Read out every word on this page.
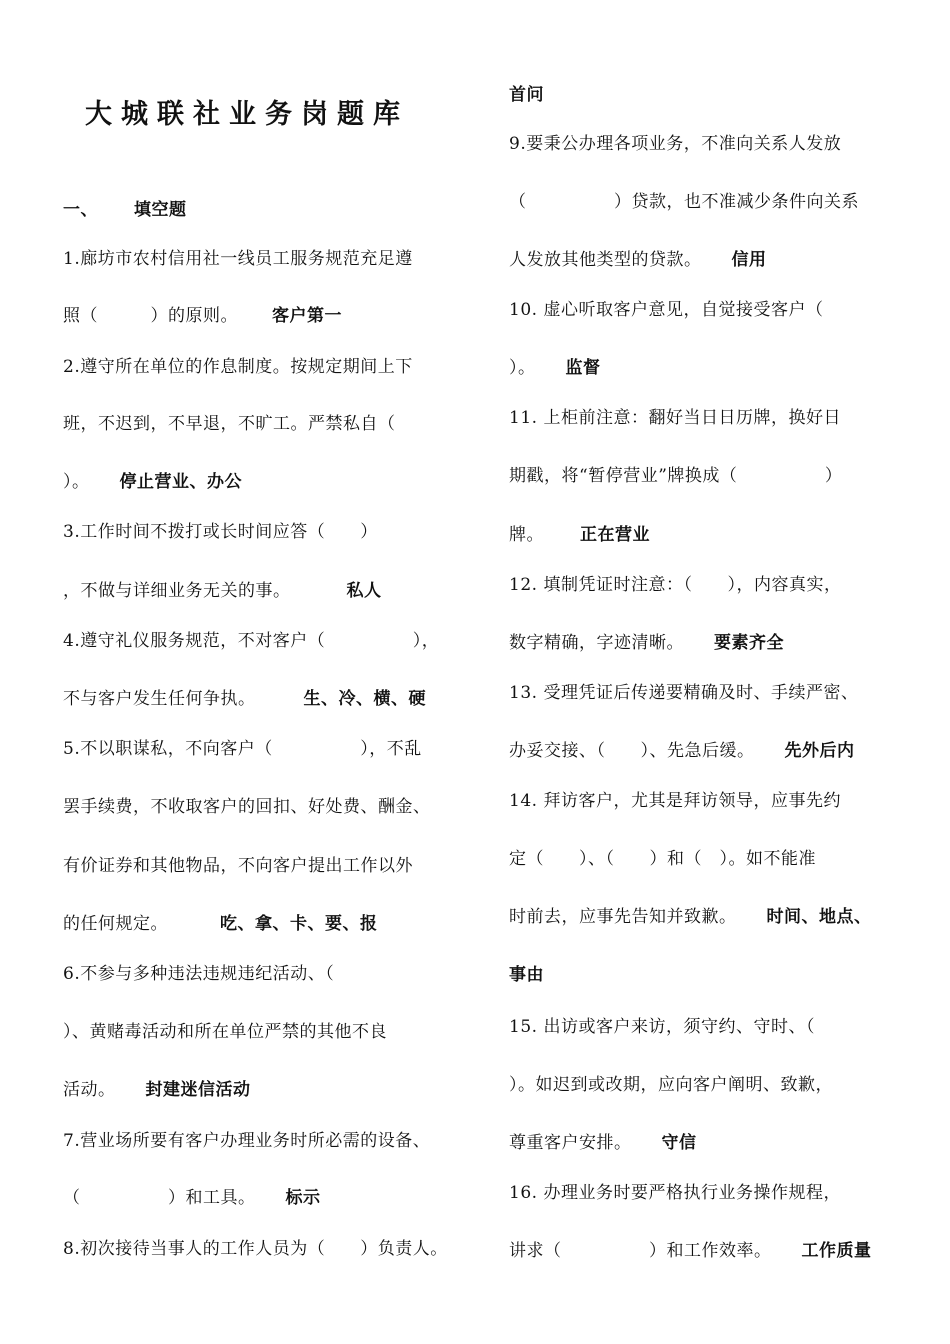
大城联社业务岗题库
一、 填空题
1.廊坊市农村信用社一线员工服务规范充足遵
照（　　　）的原则。 客户第一
2.遵守所在单位的作息制度。按规定期间上下
班，不迟到，不早退，不旷工。严禁私自（
）。 停止营业、办公
3.工作时间不拨打或长时间应答（　　）
，不做与详细业务无关的事。	私人
4.遵守礼仪服务规范，不对客户（　　　　　），
不与客户发生任何争执。	生、冷、横、硬
5.不以职谋私，不向客户（　　　　　），不乱
罢手续费，不收取客户的回扣、好处费、酬金、
有价证券和其他物品，不向客户提出工作以外
的任何规定。	吃、拿、卡、要、报
6.不参与多种违法违规违纪活动、（
）、黄赌毒活动和所在单位严禁的其他不良
活动。 封建迷信活动
7.营业场所要有客户办理业务时所必需的设备、
（　　　　　）和工具。 标示
8.初次接待当事人的工作人员为（　　）负责人。
首问
9.要秉公办理各项业务，不准向关系人发放
（　　　　　）贷款，也不准减少条件向关系
人发放其他类型的贷款。 信用
10. 虚心听取客户意见，自觉接受客户（
）。 监督
11. 上柜前注意：翻好当日日历牌，换好日
期戳，将“暂停营业”牌换成（　　　　　）
牌。 正在营业
12. 填制凭证时注意：（　　），内容真实，
数字精确，字迹清晰。 要素齐全
13. 受理凭证后传递要精确及时、手续严密、
办妥交接、（　　）、先急后缓。 先外后内
14. 拜访客户，尤其是拜访领导，应事先约
定（　　）、（　　）和（　）。如不能准
时前去，应事先告知并致歉。 时间、地点、
事由
15. 出访或客户来访，须守约、守时、（
）。如迟到或改期，应向客户阐明、致歉，
尊重客户安排。 守信
16. 办理业务时要严格执行业务操作规程，
讲求（　　　　　）和工作效率。 工作质量
